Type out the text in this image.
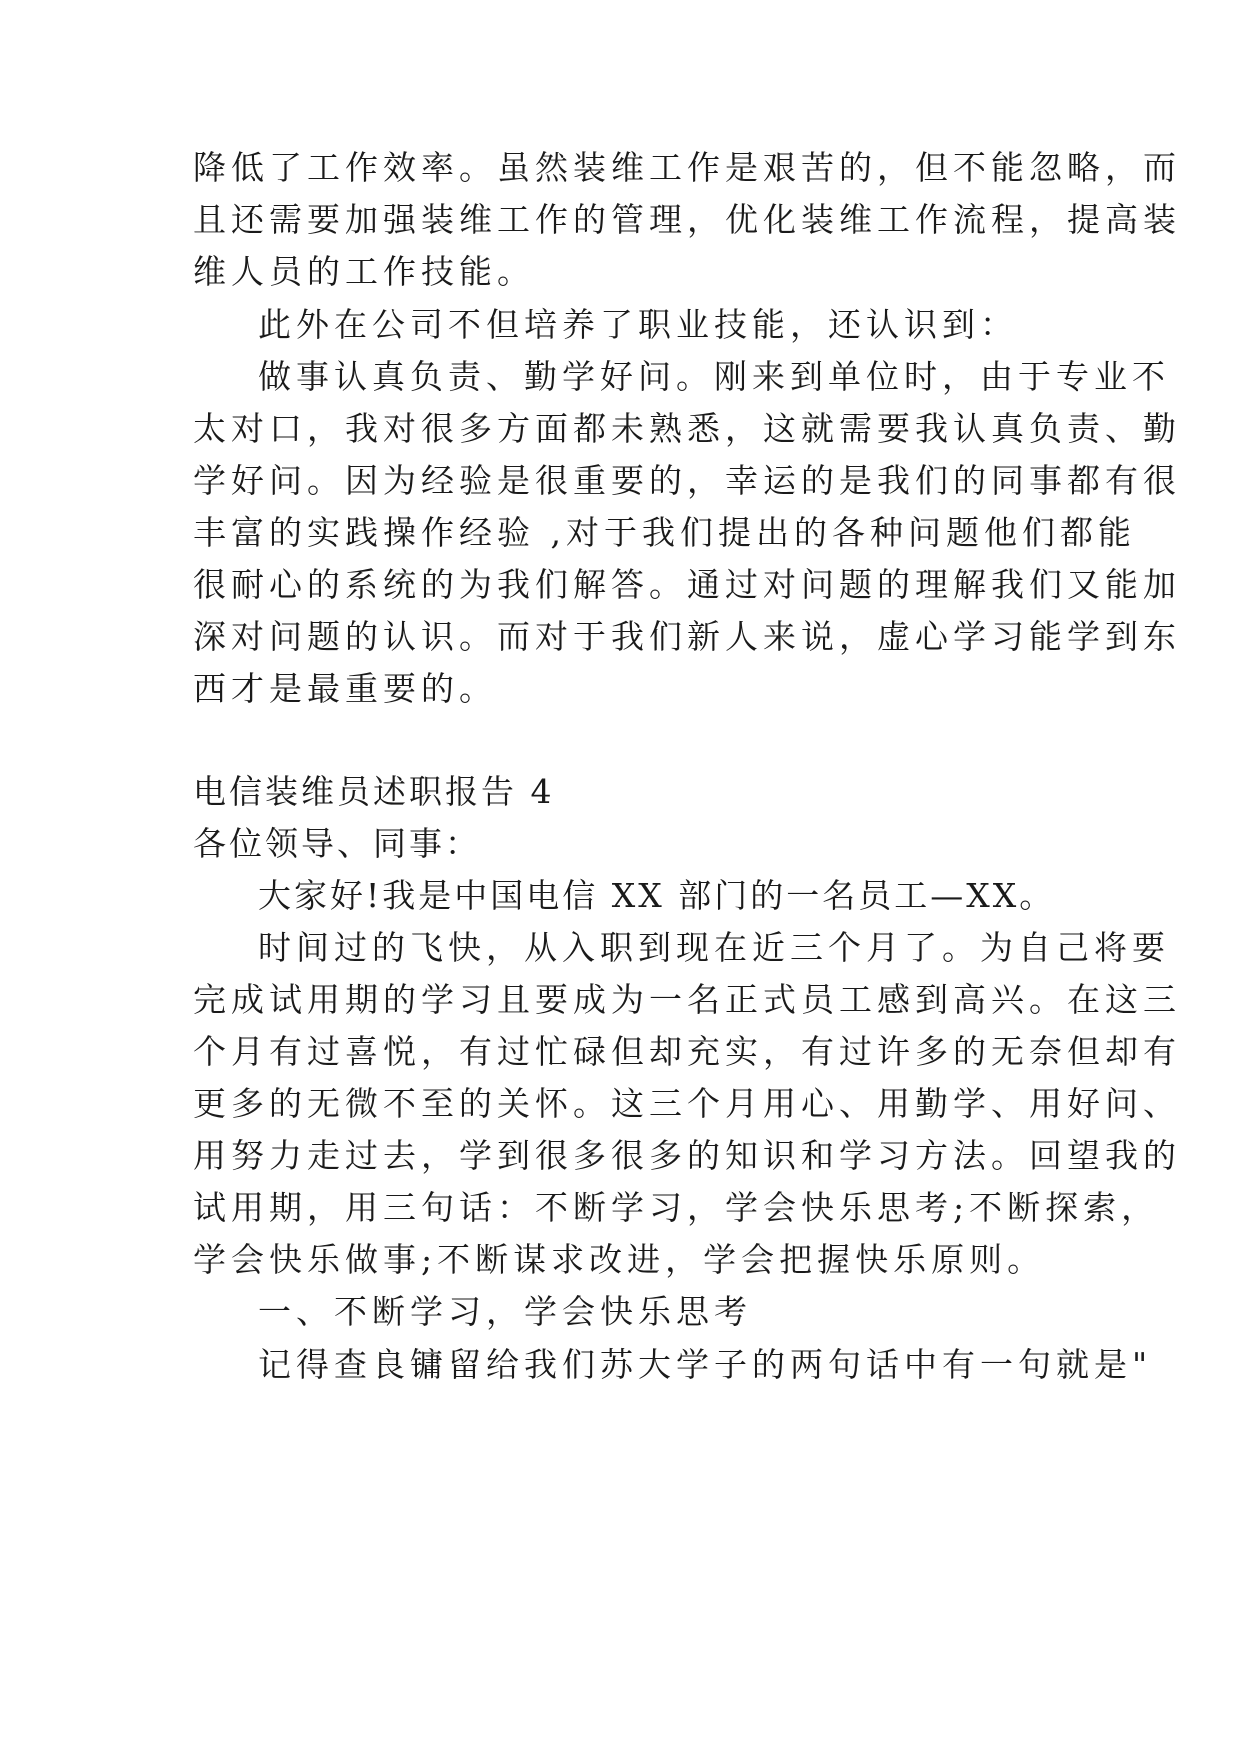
降低了工作效率。虽然装维工作是艰苦的，但不能忽略，而
且还需要加强装维工作的管理，优化装维工作流程，提高装
维人员的工作技能。
此外在公司不但培养了职业技能，还认识到：
做事认真负责、勤学好问。刚来到单位时，由于专业不
太对口，我对很多方面都未熟悉，这就需要我认真负责、勤
学好问。因为经验是很重要的，幸运的是我们的同事都有很
丰富的实践操作经验 ,对于我们提出的各种问题他们都能
很耐心的系统的为我们解答。通过对问题的理解我们又能加
深对问题的认识。而对于我们新人来说，虚心学习能学到东
西才是最重要的。
电信装维员述职报告 4
各位领导、同事：
大家好!我是中国电信 XX 部门的一名员工—XX。
时间过的飞快，从入职到现在近三个月了。为自己将要
完成试用期的学习且要成为一名正式员工感到高兴。在这三
个月有过喜悦，有过忙碌但却充实，有过许多的无奈但却有
更多的无微不至的关怀。这三个月用心、用勤学、用好问、
用努力走过去，学到很多很多的知识和学习方法。回望我的
试用期，用三句话：不断学习，学会快乐思考;不断探索，
学会快乐做事;不断谋求改进，学会把握快乐原则。
一、不断学习，学会快乐思考
记得查良镛留给我们苏大学子的两句话中有一句就是"
